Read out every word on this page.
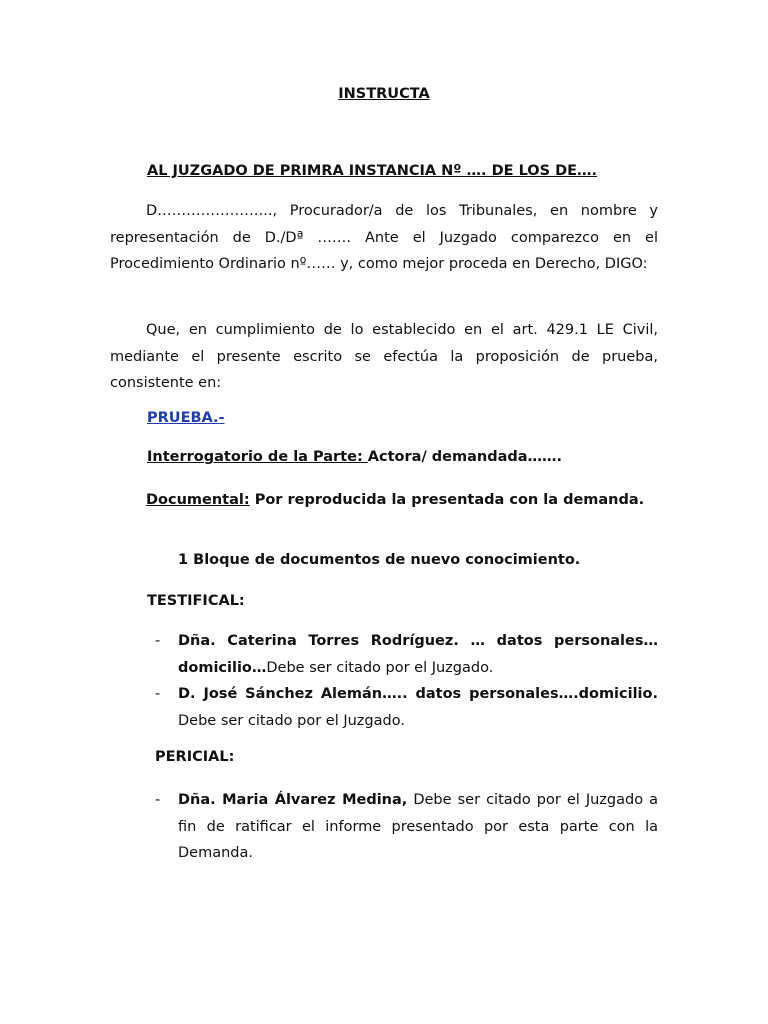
INSTRUCTA
AL JUZGADO DE PRIMRA INSTANCIA Nº …. DE LOS DE….
D…………………..., Procurador/a de los Tribunales, en nombre y representación de D./Dª ……. Ante el Juzgado comparezco en el Procedimiento Ordinario nº…… y, como mejor proceda en Derecho, DIGO:
Que, en cumplimiento de lo establecido en el art. 429.1 LE Civil, mediante el presente escrito se efectúa la proposición de prueba, consistente en:
PRUEBA.-
Interrogatorio de la Parte: Actora/ demandada…….
Documental: Por reproducida la presentada con la demanda.
1 Bloque de documentos de nuevo conocimiento.
TESTIFICAL:
- Dña. Caterina Torres Rodríguez. … datos personales… domicilio…Debe ser citado por el Juzgado.
- D. José Sánchez Alemán….. datos personales….domicilio. Debe ser citado por el Juzgado.
PERICIAL:
- Dña. Maria Álvarez Medina, Debe ser citado por el Juzgado a fin de ratificar el informe presentado por esta parte con la Demanda.
